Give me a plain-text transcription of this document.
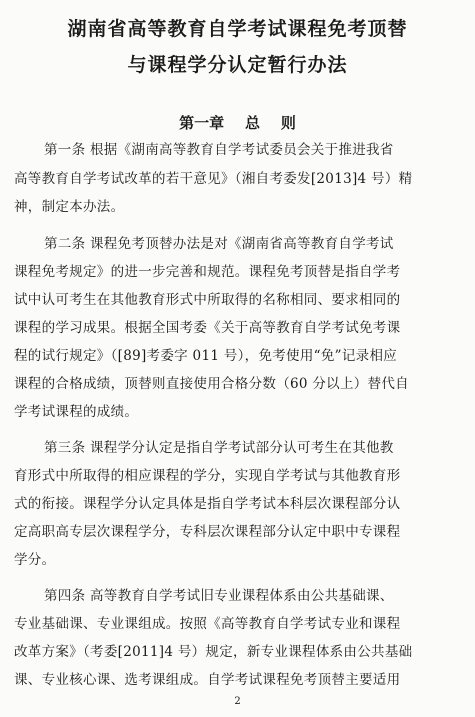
湖南省高等教育自学考试课程免考顶替
与课程学分认定暂行办法
第一章    总    则
第一条 根据《湖南高等教育自学考试委员会关于推进我省
高等教育自学考试改革的若干意见》（湘自考委发[2013]4 号）精
神，制定本办法。
第二条 课程免考顶替办法是对《湖南省高等教育自学考试
课程免考规定》的进一步完善和规范。课程免考顶替是指自学考
试中认可考生在其他教育形式中所取得的名称相同、要求相同的
课程的学习成果。根据全国考委《关于高等教育自学考试免考课
程的试行规定》（[89]考委字 011 号），免考使用“免”记录相应
课程的合格成绩，顶替则直接使用合格分数（60 分以上）替代自
学考试课程的成绩。
第三条 课程学分认定是指自学考试部分认可考生在其他教
育形式中所取得的相应课程的学分，实现自学考试与其他教育形
式的衔接。课程学分认定具体是指自学考试本科层次课程部分认
定高职高专层次课程学分，专科层次课程部分认定中职中专课程
学分。
第四条 高等教育自学考试旧专业课程体系由公共基础课、
专业基础课、专业课组成。按照《高等教育自学考试专业和课程
改革方案》（考委[2011]4 号）规定，新专业课程体系由公共基础
课、专业核心课、选考课组成。自学考试课程免考顶替主要适用
2
